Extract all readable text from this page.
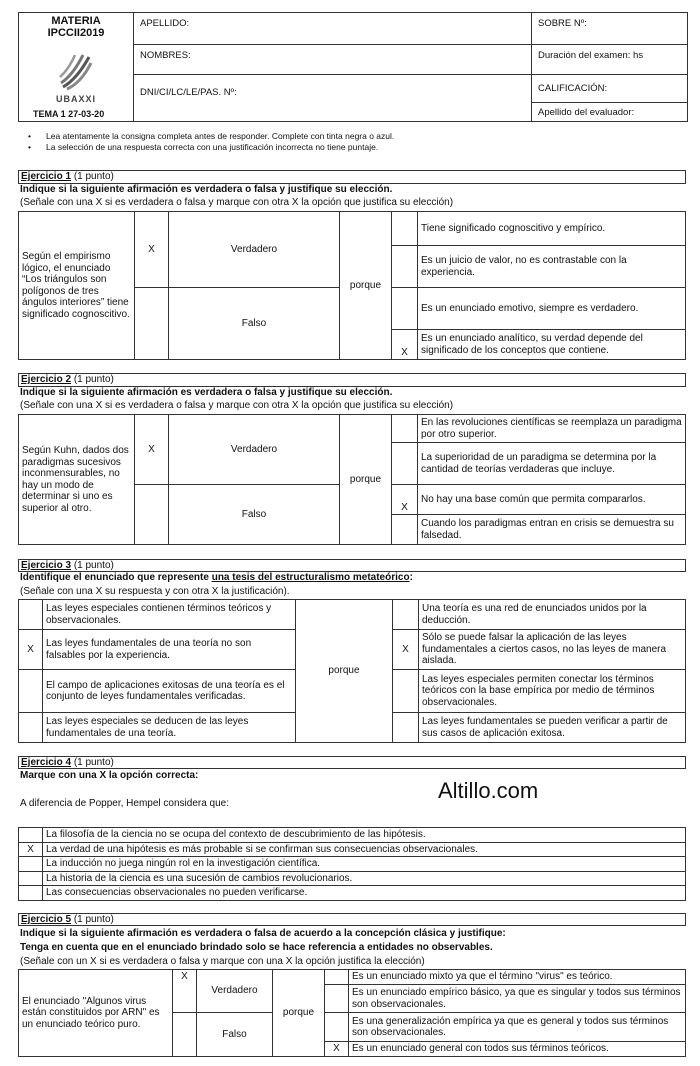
MATERIA
IPCCII2019
UBAXXI
TEMA 1 27-03-20
APELLIDO:
NOMBRES:
DNI/CI/LC/LE/PAS. Nº:
SOBRE Nº:
Duración del examen: hs
CALIFICACIÓN:
Apellido del evaluador:
• Lea atentamente la consigna completa antes de responder. Complete con tinta negra o azul.
• La selección de una respuesta correcta con una justificación incorrecta no tiene puntaje.
Ejercicio 1 (1 punto)
Indique si la siguiente afirmación es verdadera o falsa y justifique su elección.
(Señale con una X si es verdadera o falsa y marque con otra X la opción que justifica su elección)
Según el empirismo lógico, el enunciado “Los triángulos son polígonos de tres ángulos interiores” tiene significado cognoscitivo.	X	Verdadero	porque		Tiene significado cognoscitivo y empírico.
					Es un juicio de valor, no es contrastable con la experiencia.
		Falso			Es un enunciado emotivo, siempre es verdadero.
				X	Es un enunciado analítico, su verdad depende del significado de los conceptos que contiene.
Ejercicio 2 (1 punto)
Indique si la siguiente afirmación es verdadera o falsa y justifique su elección.
(Señale con una X si es verdadera o falsa y marque con otra X la opción que justifica su elección)
Según Kuhn, dados dos paradigmas sucesivos inconmensurables, no hay un modo de determinar si uno es superior al otro.	X	Verdadero	porque		En las revoluciones científicas se reemplaza un paradigma por otro superior.
					La superioridad de un paradigma se determina por la cantidad de teorías verdaderas que incluye.
		Falso		X	No hay una base común que permita compararlos.
					Cuando los paradigmas entran en crisis se demuestra su falsedad.
Ejercicio 3 (1 punto)
Identifique el enunciado que represente una tesis del estructuralismo metateórico:
(Señale con una X su respuesta y con otra X la justificación).
	Las leyes especiales contienen términos teóricos y observacionales.	porque		Una teoría es una red de enunciados unidos por la deducción.
X	Las leyes fundamentales de una teoría no son falsables por la experiencia.		X	Sólo se puede falsar la aplicación de las leyes fundamentales a ciertos casos, no las leyes de manera aislada.
	El campo de aplicaciones exitosas de una teoría es el conjunto de leyes fundamentales verificadas.			Las leyes especiales permiten conectar los términos teóricos con la base empírica por medio de términos observacionales.
	Las leyes especiales se deducen de las leyes fundamentales de una teoría.			Las leyes fundamentales se pueden verificar a partir de sus casos de aplicación exitosa.
Ejercicio 4 (1 punto)
Marque con una X la opción correcta:
A diferencia de Popper, Hempel considera que:
Altillo.com
	La filosofía de la ciencia no se ocupa del contexto de descubrimiento de las hipótesis.
X	La verdad de una hipótesis es más probable si se confirman sus consecuencias observacionales.
	La inducción no juega ningún rol en la investigación científica.
	La historia de la ciencia es una sucesión de cambios revolucionarios.
	Las consecuencias observacionales no pueden verificarse.
Ejercicio 5 (1 punto)
Indique si la siguiente afirmación es verdadera o falsa de acuerdo a la concepción clásica y justifique:
Tenga en cuenta que en el enunciado brindado solo se hace referencia a entidades no observables.
(Señale con un X si es verdadera o falsa y marque con una X la opción justifica la elección)
El enunciado "Algunos virus están constituidos por ARN" es un enunciado teórico puro.	X	Verdadero	porque		Es un enunciado mixto ya que el término "virus" es teórico.
					Es un enunciado empírico básico, ya que es singular y todos sus términos son observacionales.
		Falso			Es una generalización empírica ya que es general y todos sus términos son observacionales.
				X	Es un enunciado general con todos sus términos teóricos.
